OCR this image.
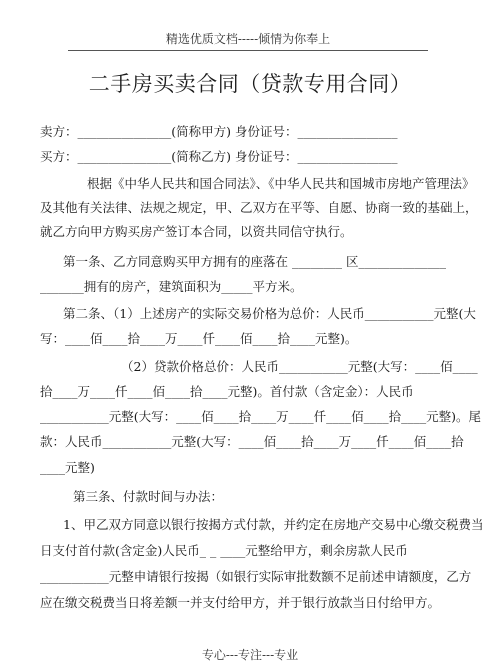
精选优质文档-----倾情为你奉上
二手房买卖合同（贷款专用合同）
卖方：_______________(简称甲方) 身份证号：________________
买方：_______________(简称乙方) 身份证号：________________
根据《中华人民共和国合同法》、《中华人民共和国城市房地产管理法》
及其他有关法律、法规之规定，甲、乙双方在平等、自愿、协商一致的基础上，
就乙方向甲方购买房产签订本合同，以资共同信守执行。
第一条、乙方同意购买甲方拥有的座落在 ________ 区______________
_______拥有的房产，建筑面积为_____平方米。
第二条、（1）上述房产的实际交易价格为总价：人民币___________元整(大
写：____佰____拾____万____仟____佰____拾____元整)。
（2）贷款价格总价：人民币___________元整(大写：____佰____
拾____万____仟____佰____拾____元整)。首付款（含定金）：人民币
___________元整(大写：____佰____拾____万____仟____佰____拾____元整)。尾
款：人民币___________元整(大写：____佰____拾____万____仟____佰____拾
____元整)
第三条、付款时间与办法：
1、甲乙双方同意以银行按揭方式付款，并约定在房地产交易中心缴交税费当
日支付首付款(含定金)人民币_ _ ____元整给甲方，剩余房款人民币
___________元整申请银行按揭（如银行实际审批数额不足前述申请额度，乙方
应在缴交税费当日将差额一并支付给甲方，并于银行放款当日付给甲方。
专心---专注---专业
